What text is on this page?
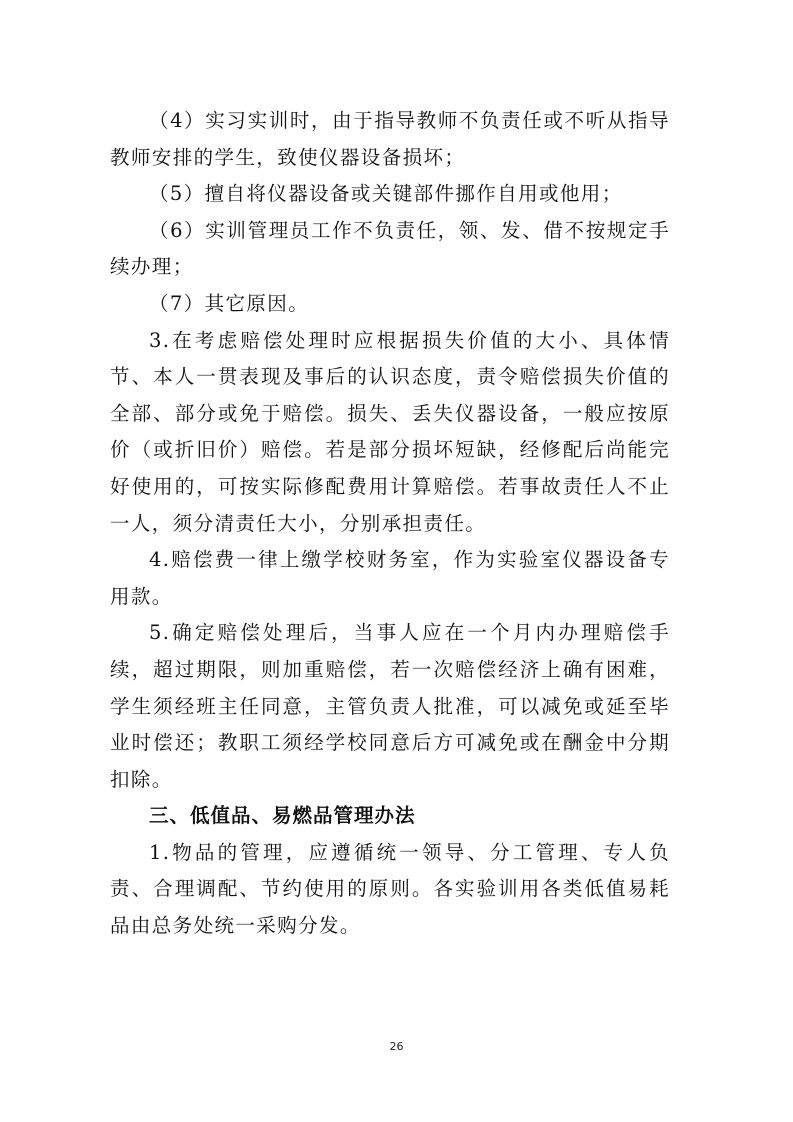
（4）实习实训时，由于指导教师不负责任或不听从指导教师安排的学生，致使仪器设备损坏；

（5）擅自将仪器设备或关键部件挪作自用或他用；

（6）实训管理员工作不负责任，领、发、借不按规定手续办理；

（7）其它原因。

3.在考虑赔偿处理时应根据损失价值的大小、具体情节、本人一贯表现及事后的认识态度，责令赔偿损失价值的全部、部分或免于赔偿。损失、丢失仪器设备，一般应按原价（或折旧价）赔偿。若是部分损坏短缺，经修配后尚能完好使用的，可按实际修配费用计算赔偿。若事故责任人不止一人，须分清责任大小，分别承担责任。

4.赔偿费一律上缴学校财务室，作为实验室仪器设备专用款。

5.确定赔偿处理后，当事人应在一个月内办理赔偿手续，超过期限，则加重赔偿，若一次赔偿经济上确有困难，学生须经班主任同意，主管负责人批准，可以减免或延至毕业时偿还；教职工须经学校同意后方可减免或在酬金中分期扣除。

三、低值品、易燃品管理办法

1.物品的管理，应遵循统一领导、分工管理、专人负责、合理调配、节约使用的原则。各实验训用各类低值易耗品由总务处统一采购分发。

26
